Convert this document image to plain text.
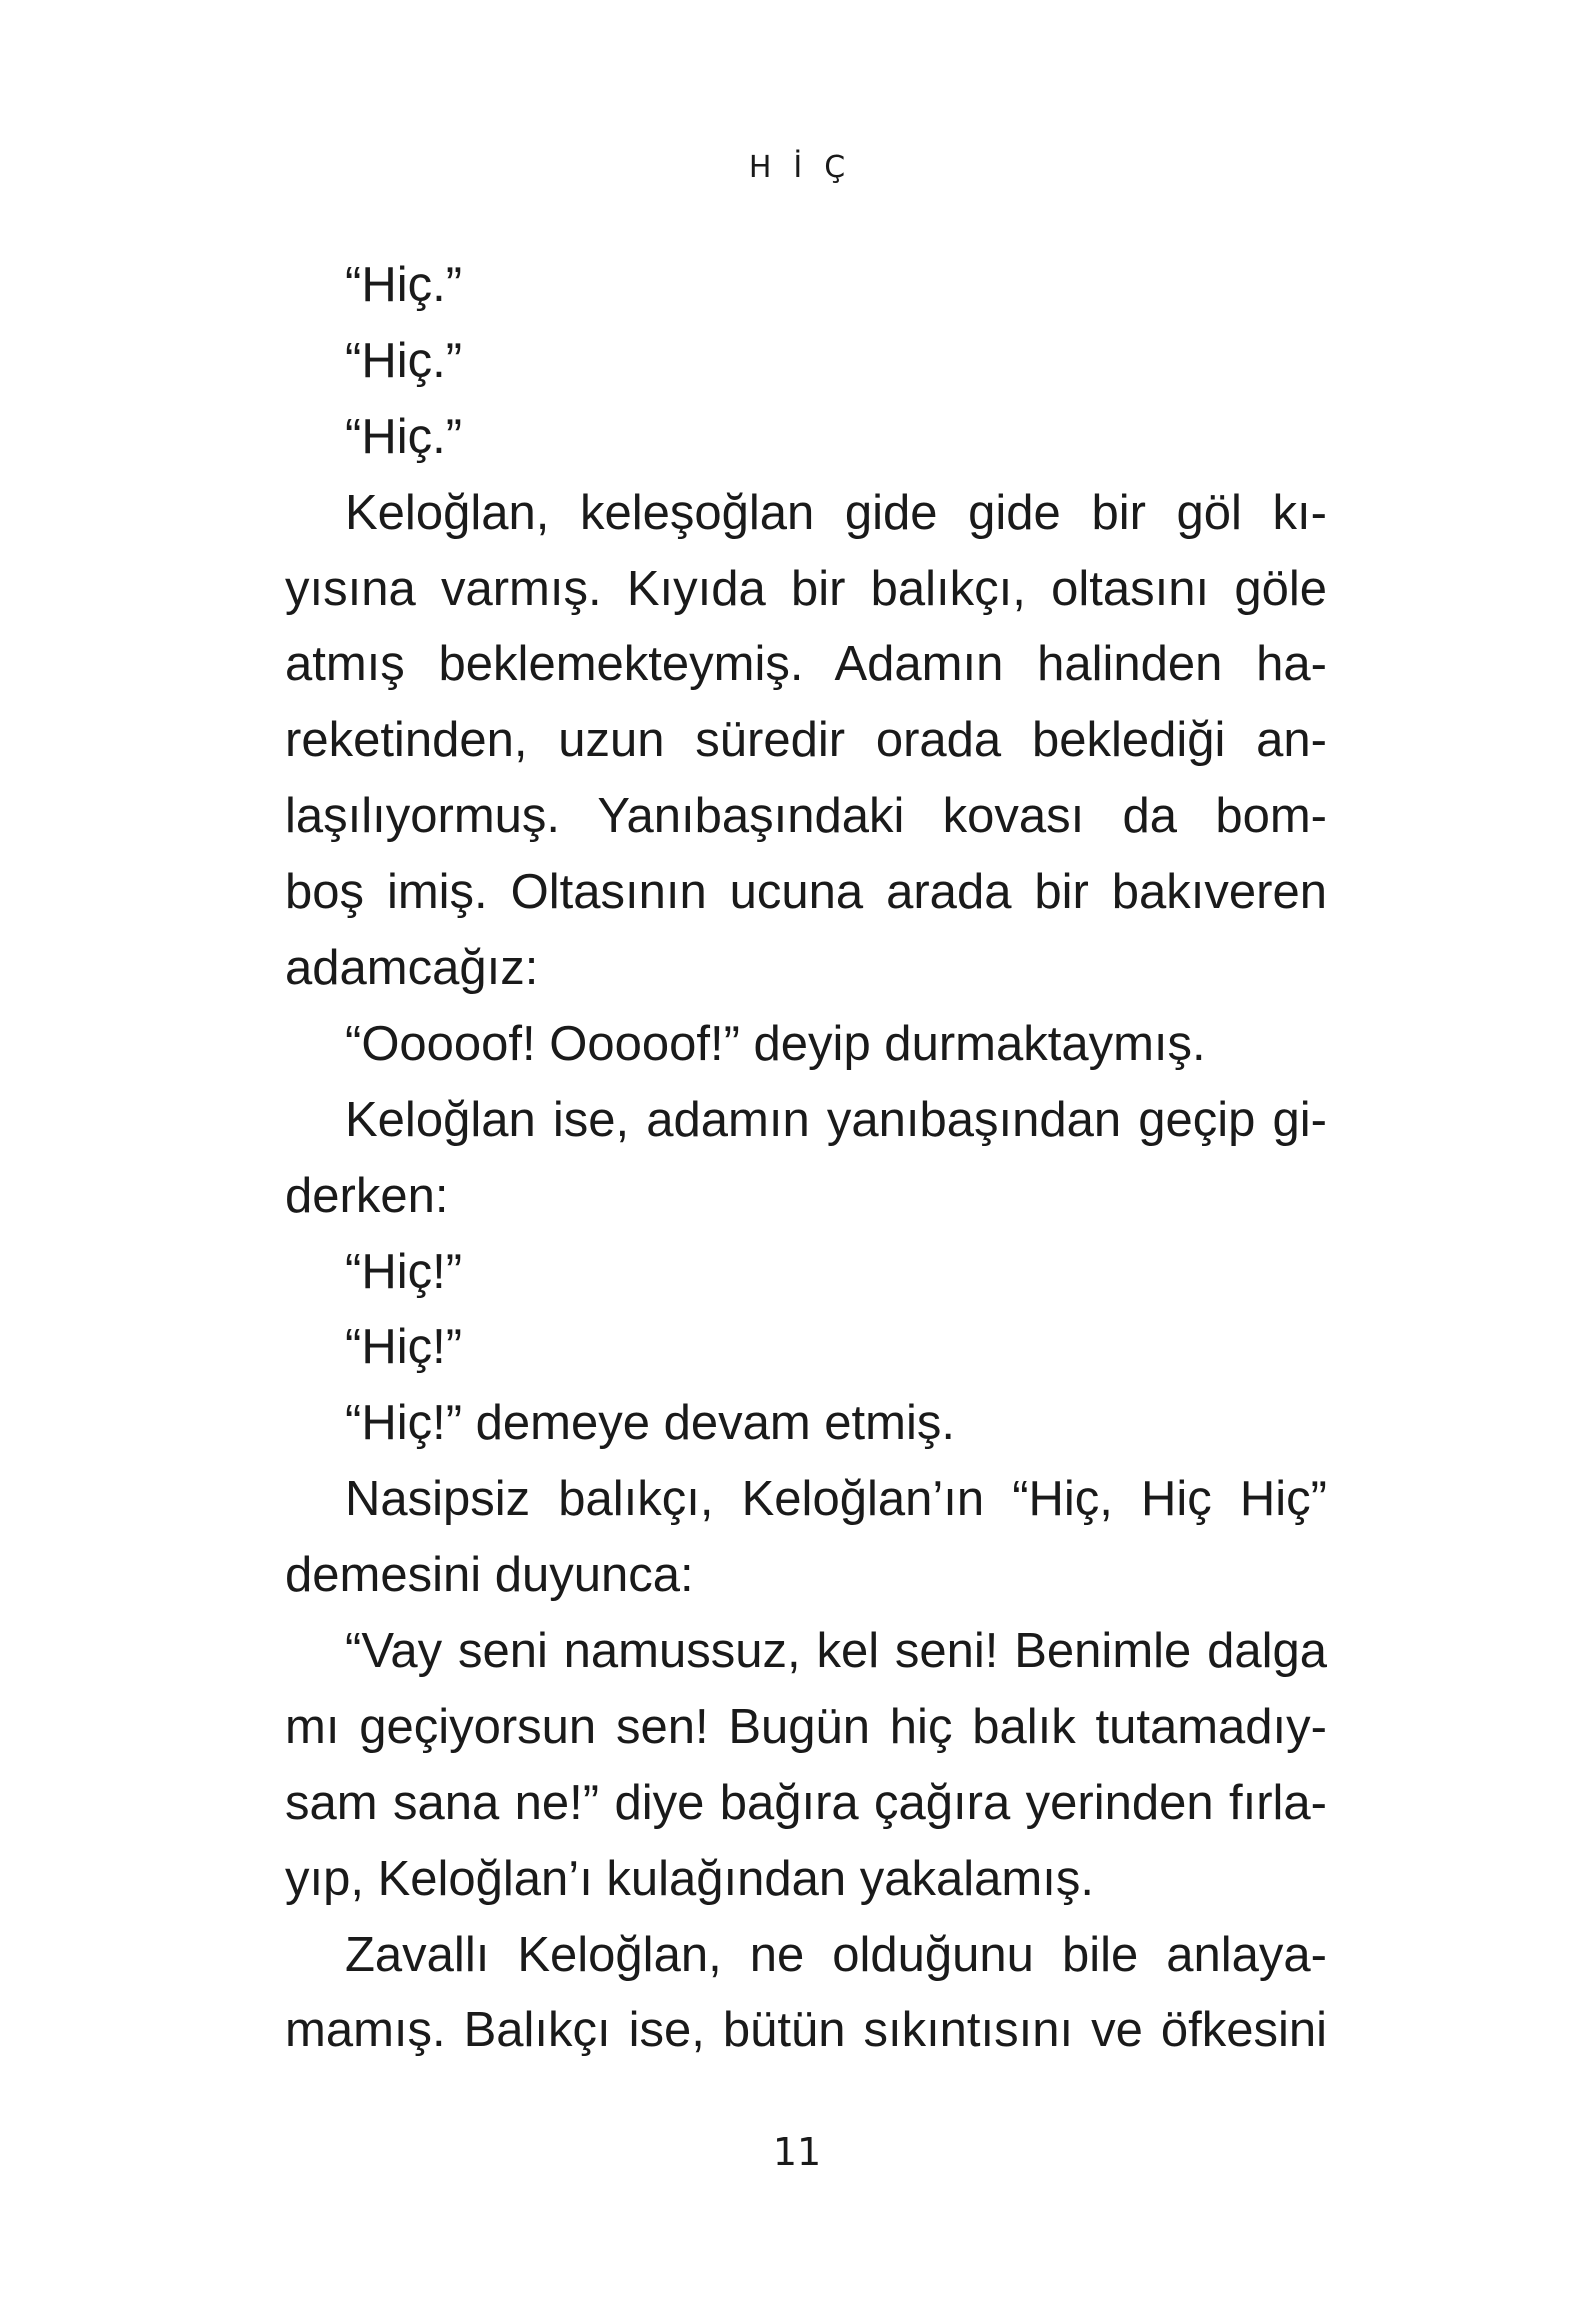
HİÇ
“Hiç.”
“Hiç.”
“Hiç.”
Keloğlan, keleşoğlan gide gide bir göl kı-
yısına varmış. Kıyıda bir balıkçı, oltasını göle
atmış beklemekteymiş. Adamın halinden ha-
reketinden, uzun süredir orada beklediği an-
laşılıyormuş. Yanıbaşındaki kovası da bom-
boş imiş. Oltasının ucuna arada bir bakıveren
adamcağız:
“Ooooof! Ooooof!” deyip durmaktaymış.
Keloğlan ise, adamın yanıbaşından geçip gi-
derken:
“Hiç!”
“Hiç!”
“Hiç!” demeye devam etmiş.
Nasipsiz balıkçı, Keloğlan’ın “Hiç, Hiç Hiç”
demesini duyunca:
“Vay seni namussuz, kel seni! Benimle dalga
mı geçiyorsun sen! Bugün hiç balık tutamadıy-
sam sana ne!” diye bağıra çağıra yerinden fırla-
yıp, Keloğlan’ı kulağından yakalamış.
Zavallı Keloğlan, ne olduğunu bile anlaya-
mamış. Balıkçı ise, bütün sıkıntısını ve öfkesini
11
